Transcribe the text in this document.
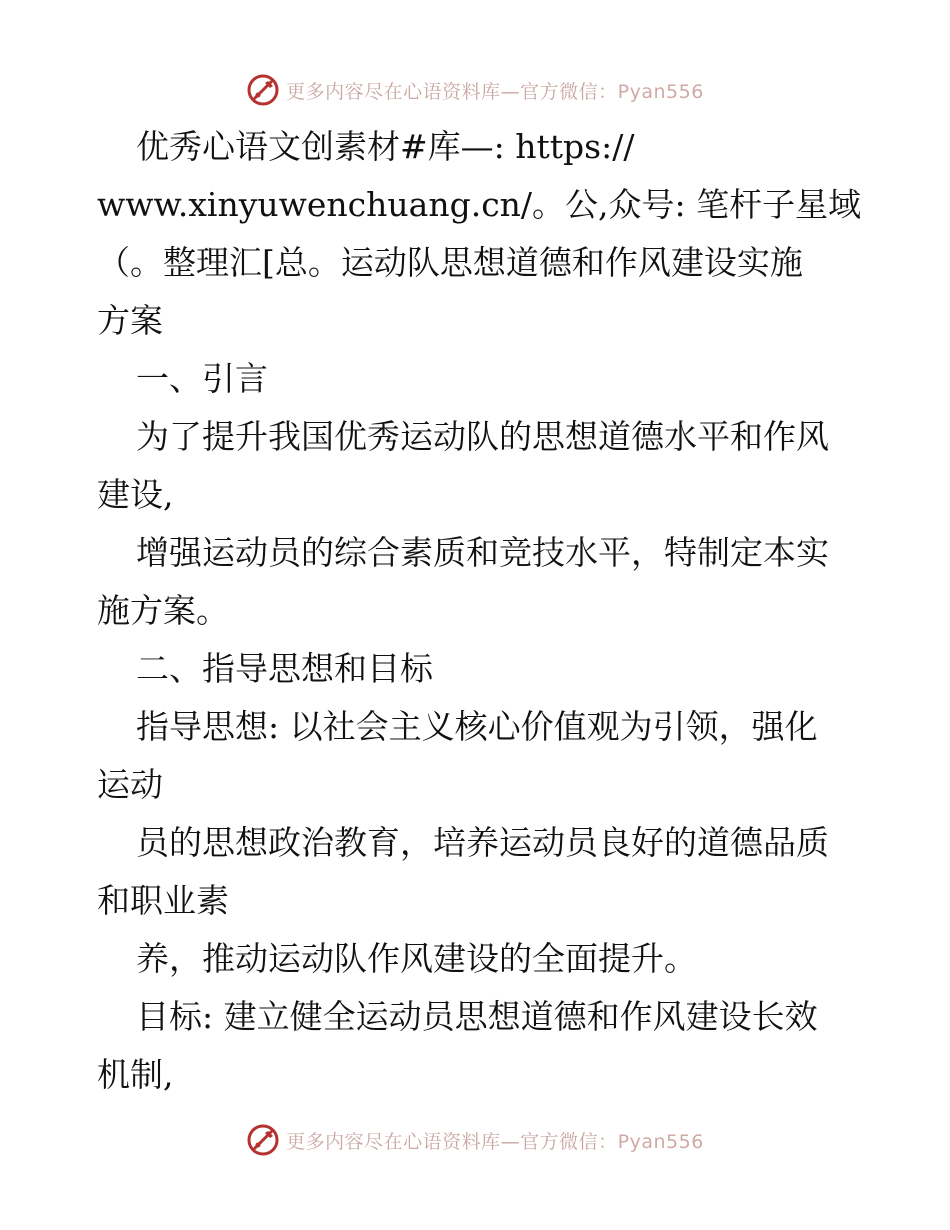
更多内容尽在心语资料库—官方微信：Pyan556
优秀心语文创素材#库—: https://
www.xinyuwenchuang.cn/。公,众号: 笔杆子星域
（。整理汇[总。运动队思想道德和作风建设实施
方案
一、引言
为了提升我国优秀运动队的思想道德水平和作风
建设,
增强运动员的综合素质和竞技水平，特制定本实
施方案。
二、指导思想和目标
指导思想: 以社会主义核心价值观为引领，强化
运动
员的思想政治教育，培养运动员良好的道德品质
和职业素
养，推动运动队作风建设的全面提升。
目标: 建立健全运动员思想道德和作风建设长效
机制,
更多内容尽在心语资料库—官方微信：Pyan556
